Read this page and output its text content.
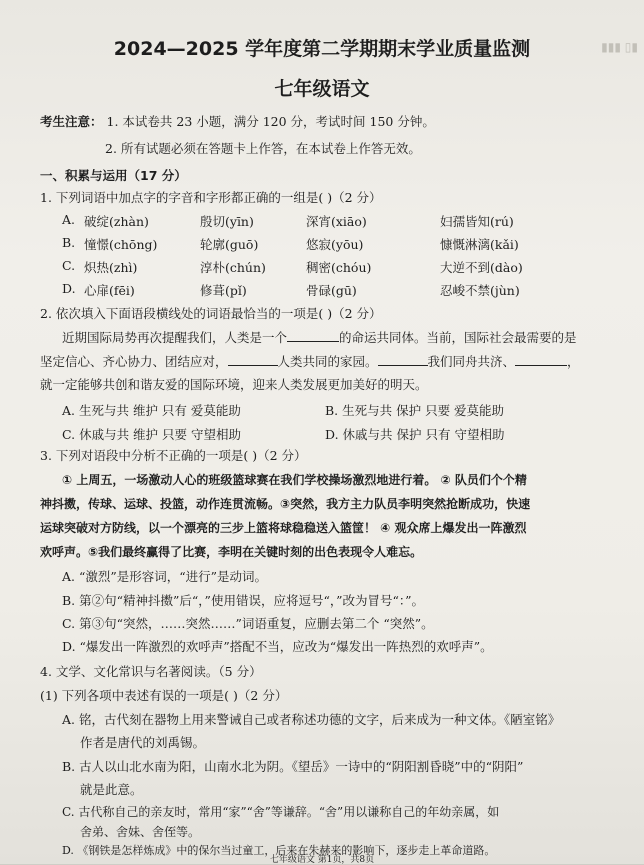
▮▮▮ ▯▮
2024—2025 学年度第二学期期末学业质量监测
七年级语文
考生注意： 1. 本试卷共 23 小题，满分 120 分，考试时间 150 分钟。
2. 所有试题必须在答题卡上作答，在本试卷上作答无效。
一、积累与运用（17 分）
1. 下列词语中加点字的字音和字形都正确的一组是( )（2 分）
A. 破绽(zhàn)	殷切(yīn)	深宵(xiāo)	妇孺皆知(rú)
B. 憧憬(chōng)	轮廓(guō)	悠寂(yōu)	慷慨淋漓(kǎi)
C. 炽热(zhì)	淳朴(chún)	稠密(chóu)	大逆不到(dào)
D. 心扉(fēi)	修葺(pǐ)	骨碌(gū)	忍峻不禁(jùn)
2. 依次填入下面语段横线处的词语最恰当的一项是( )（2 分）
近期国际局势再次提醒我们，人类是一个	的命运共同体。当前，国际社会最需要的是
坚定信心、齐心协力、团结应对，	人类共同的家园。	我们同舟共济、	，
就一定能够共创和谐友爱的国际环境，迎来人类发展更加美好的明天。
A. 生死与共 维护 只有 爱莫能助	B. 生死与共 保护 只要 爱莫能助
C. 休戚与共 维护 只要 守望相助	D. 休戚与共 保护 只有 守望相助
3. 下列对语段中分析不正确的一项是( )（2 分）
① 上周五，一场激动人心的班级篮球赛在我们学校操场激烈地进行着。 ② 队员们个个精
神抖擞，传球、运球、投篮，动作连贯流畅。③突然，我方主力队员李明突然抢断成功，快速
运球突破对方防线，以一个漂亮的三步上篮将球稳稳送入篮筐！ ④ 观众席上爆发出一阵激烈
欢呼声。⑤我们最终赢得了比赛，李明在关键时刻的出色表现令人难忘。
A. “激烈”是形容词，“进行”是动词。
B. 第②句“精神抖擞”后“，”使用错误，应将逗号“，”改为冒号“：”。
C. 第③句“突然，……突然……”词语重复，应删去第二个 “突然”。
D. “爆发出一阵激烈的欢呼声”搭配不当，应改为“爆发出一阵热烈的欢呼声”。
4. 文学、文化常识与名著阅读。（5 分）
(1) 下列各项中表述有误的一项是( )（2 分）
A. 铭，古代刻在器物上用来警诫自己或者称述功德的文字，后来成为一种文体。《陋室铭》
作者是唐代的刘禹锡。
B. 古人以山北水南为阳，山南水北为阴。《望岳》一诗中的“阴阳割昏晓”中的“阴阳”
就是此意。
C. 古代称自己的亲友时，常用“家”“舍”等谦辞。“舍”用以谦称自己的年幼亲属，如
舍弟、舍妹、舍侄等。
D. 《钢铁是怎样炼成》中的保尔当过童工，后来在朱赫来的影响下，逐步走上革命道路。
七年级语文 第1页，共8页
